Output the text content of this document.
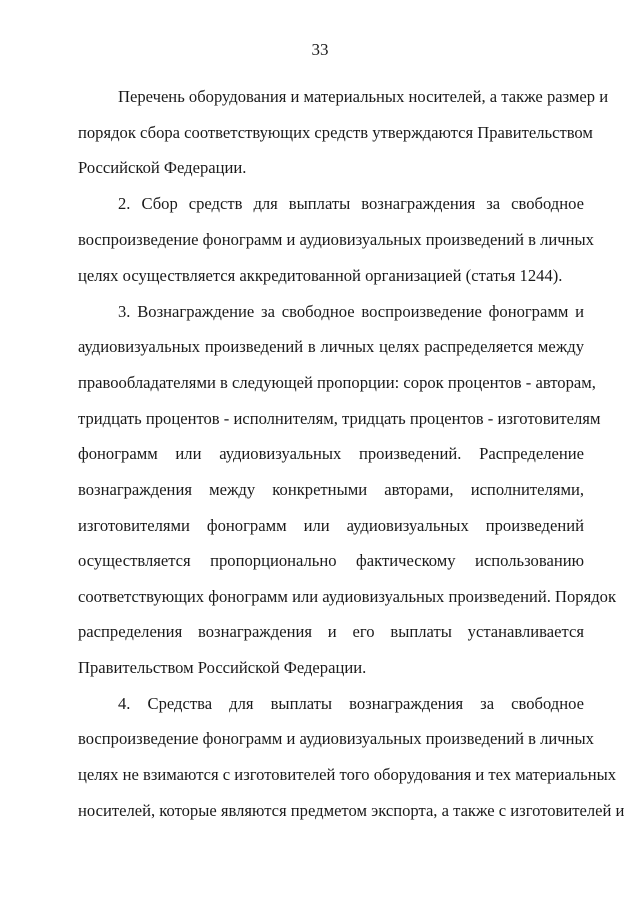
33
Перечень оборудования и материальных носителей, а также размер и
порядок сбора соответствующих средств утверждаются Правительством
Российской Федерации.
2. Сбор средств для выплаты вознаграждения за свободное
воспроизведение фонограмм и аудиовизуальных произведений в личных
целях осуществляется аккредитованной организацией (статья 1244).
3. Вознаграждение за свободное воспроизведение фонограмм и
аудиовизуальных произведений в личных целях распределяется между
правообладателями в следующей пропорции: сорок процентов - авторам,
тридцать процентов - исполнителям, тридцать процентов - изготовителям
фонограмм или аудиовизуальных произведений. Распределение
вознаграждения между конкретными авторами, исполнителями,
изготовителями фонограмм или аудиовизуальных произведений
осуществляется пропорционально фактическому использованию
соответствующих фонограмм или аудиовизуальных произведений. Порядок
распределения вознаграждения и его выплаты устанавливается
Правительством Российской Федерации.
4. Средства для выплаты вознаграждения за свободное
воспроизведение фонограмм и аудиовизуальных произведений в личных
целях не взимаются с изготовителей того оборудования и тех материальных
носителей, которые являются предметом экспорта, а также с изготовителей и
